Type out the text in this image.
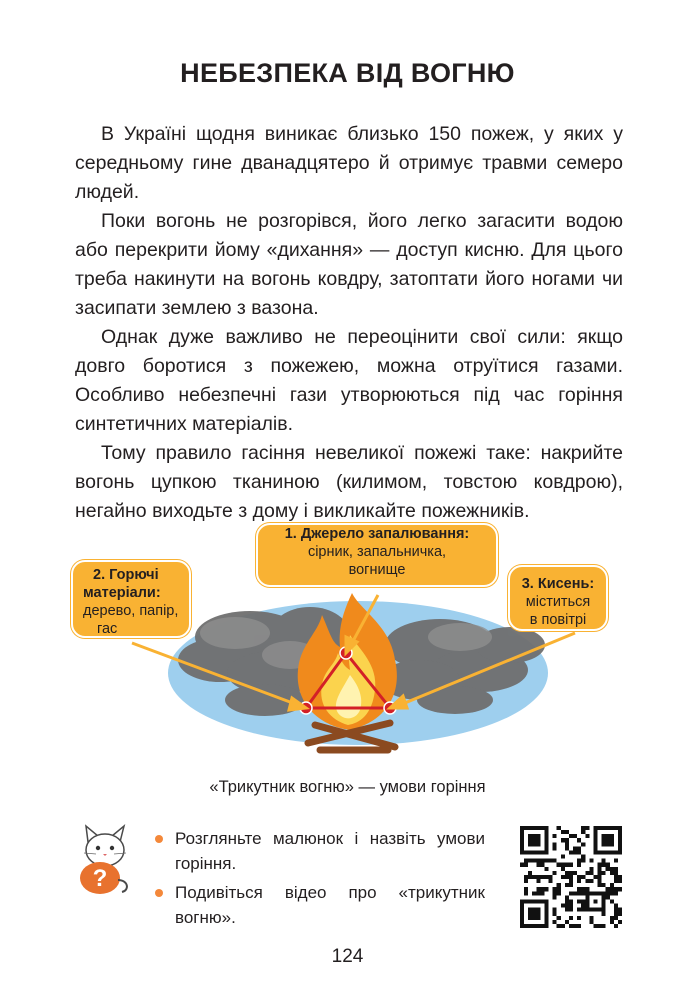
НЕБЕЗПЕКА ВІД ВОГНЮ

В Україні щодня виникає близько 150 пожеж, у яких у середньому гине дванадцятеро й отримує травми семеро людей.

Поки вогонь не розгорівся, його легко загасити водою або перекрити йому «дихання» — доступ кисню. Для цього треба накинути на вогонь ковдру, затоптати його ногами чи засипати землею з вазона.

Однак дуже важливо не переоцінити свої сили: якщо довго боротися з пожежею, можна отруїтися газами. Особливо небезпечні гази утворюються під час горіння синтетичних матеріалів.

Тому правило гасіння невеликої пожежі таке: накрийте вогонь цупкою тканиною (килимом, товстою ковдрою), негайно виходьте з дому і викликайте пожежників.

1. Джерело запалювання:
сірник, запальничка,
вогнище
2. Горючі
матеріали:
дерево, папір,
гас
3. Кисень:
міститься
в повітрі
«Трикутник вогню» — умови горіння
?
Розгляньте малюнок і назвіть умови горіння.
Подивіться відео про «трикутник вогню».
124
